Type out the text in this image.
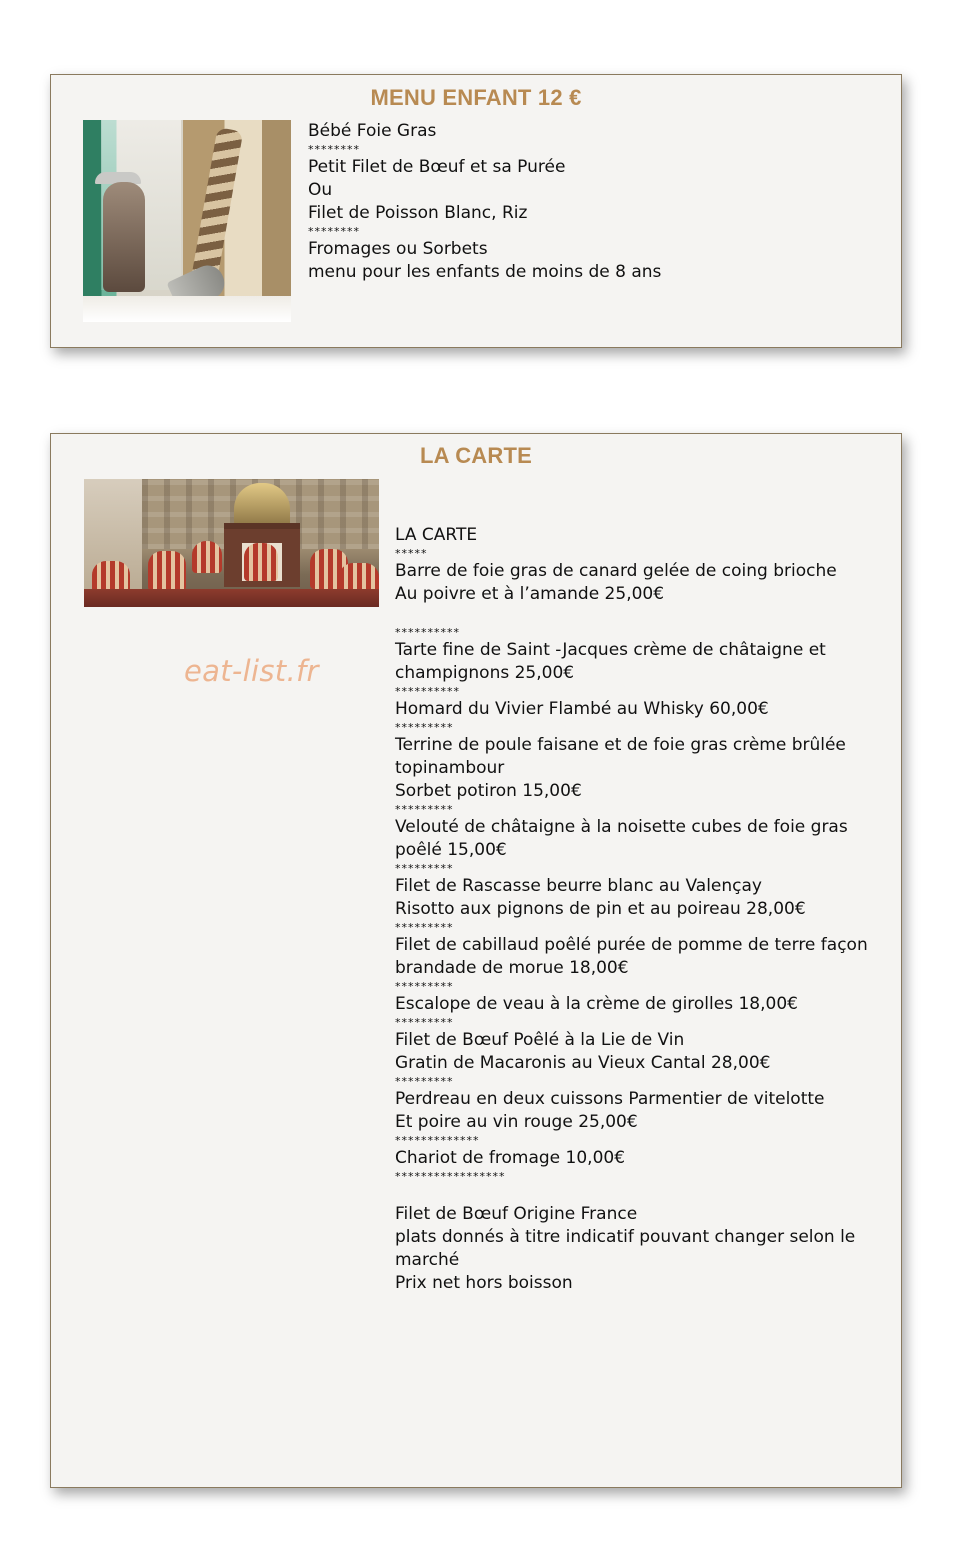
MENU ENFANT 12 €
Bébé Foie Gras
********
Petit Filet de Bœuf et sa Purée
Ou
Filet de Poisson Blanc, Riz
********
Fromages ou Sorbets
menu pour les enfants de moins de 8 ans
LA CARTE
eat-list.fr
LA CARTE
*****
Barre de foie gras de canard gelée de coing brioche
Au poivre et à l’amande 25,00€
**********
Tarte fine de Saint -Jacques crème de châtaigne et champignons 25,00€
**********
Homard du Vivier Flambé au Whisky 60,00€
*********
Terrine de poule faisane et de foie gras crème brûlée topinambour
Sorbet potiron 15,00€
*********
Velouté de châtaigne à la noisette cubes de foie gras poêlé 15,00€
*********
Filet de Rascasse beurre blanc au Valençay
Risotto aux pignons de pin et au poireau 28,00€
*********
Filet de cabillaud poêlé purée de pomme de terre façon brandade de morue 18,00€
*********
Escalope de veau à la crème de girolles 18,00€
*********
Filet de Bœuf Poêlé à la Lie de Vin
Gratin de Macaronis au Vieux Cantal 28,00€
*********
Perdreau en deux cuissons Parmentier de vitelotte
Et poire au vin rouge 25,00€
*************
Chariot de fromage 10,00€
*****************
Filet de Bœuf Origine France
plats donnés à titre indicatif pouvant changer selon le marché
Prix net hors boisson
